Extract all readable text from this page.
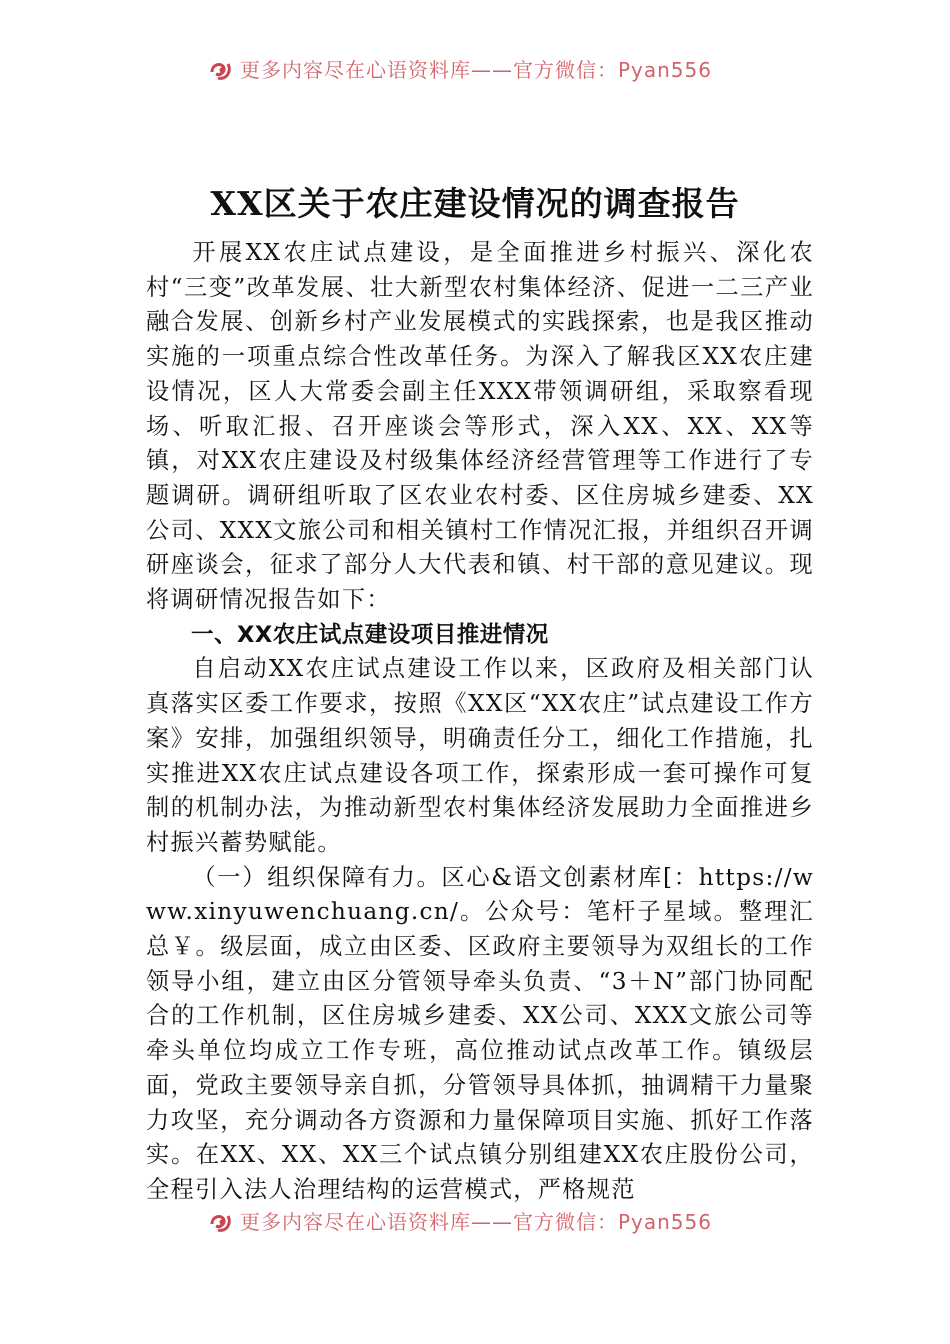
更多内容尽在心语资料库——官方微信：Pyan556
XX区关于农庄建设情况的调查报告

开展XX农庄试点建设，是全面推进乡村振兴、深化农村“三变”改革发展、壮大新型农村集体经济、促进一二三产业融合发展、创新乡村产业发展模式的实践探索，也是我区推动实施的一项重点综合性改革任务。为深入了解我区XX农庄建设情况，区人大常委会副主任XXX带领调研组，采取察看现场、听取汇报、召开座谈会等形式，深入XX、XX、XX等镇，对XX农庄建设及村级集体经济经营管理等工作进行了专题调研。调研组听取了区农业农村委、区住房城乡建委、XX公司、XXX文旅公司和相关镇村工作情况汇报，并组织召开调研座谈会，征求了部分人大代表和镇、村干部的意见建议。现将调研情况报告如下：

一、XX农庄试点建设项目推进情况

自启动XX农庄试点建设工作以来，区政府及相关部门认真落实区委工作要求，按照《XX区“XX农庄”试点建设工作方案》安排，加强组织领导，明确责任分工，细化工作措施，扎实推进XX农庄试点建设各项工作，探索形成一套可操作可复制的机制办法，为推动新型农村集体经济发展助力全面推进乡村振兴蓄势赋能。

（一）组织保障有力。区心&语文创素材库[：https://www.xinyuwenchuang.cn/。公众号：笔杆子星域。整理汇总￥。级层面，成立由区委、区政府主要领导为双组长的工作领导小组，建立由区分管领导牵头负责、“3＋N”部门协同配合的工作机制，区住房城乡建委、XX公司、XXX文旅公司等牵头单位均成立工作专班，高位推动试点改革工作。镇级层面，党政主要领导亲自抓，分管领导具体抓，抽调精干力量聚力攻坚，充分调动各方资源和力量保障项目实施、抓好工作落实。在XX、XX、XX三个试点镇分别组建XX农庄股份公司，全程引入法人治理结构的运营模式，严格规范

更多内容尽在心语资料库——官方微信：Pyan556
